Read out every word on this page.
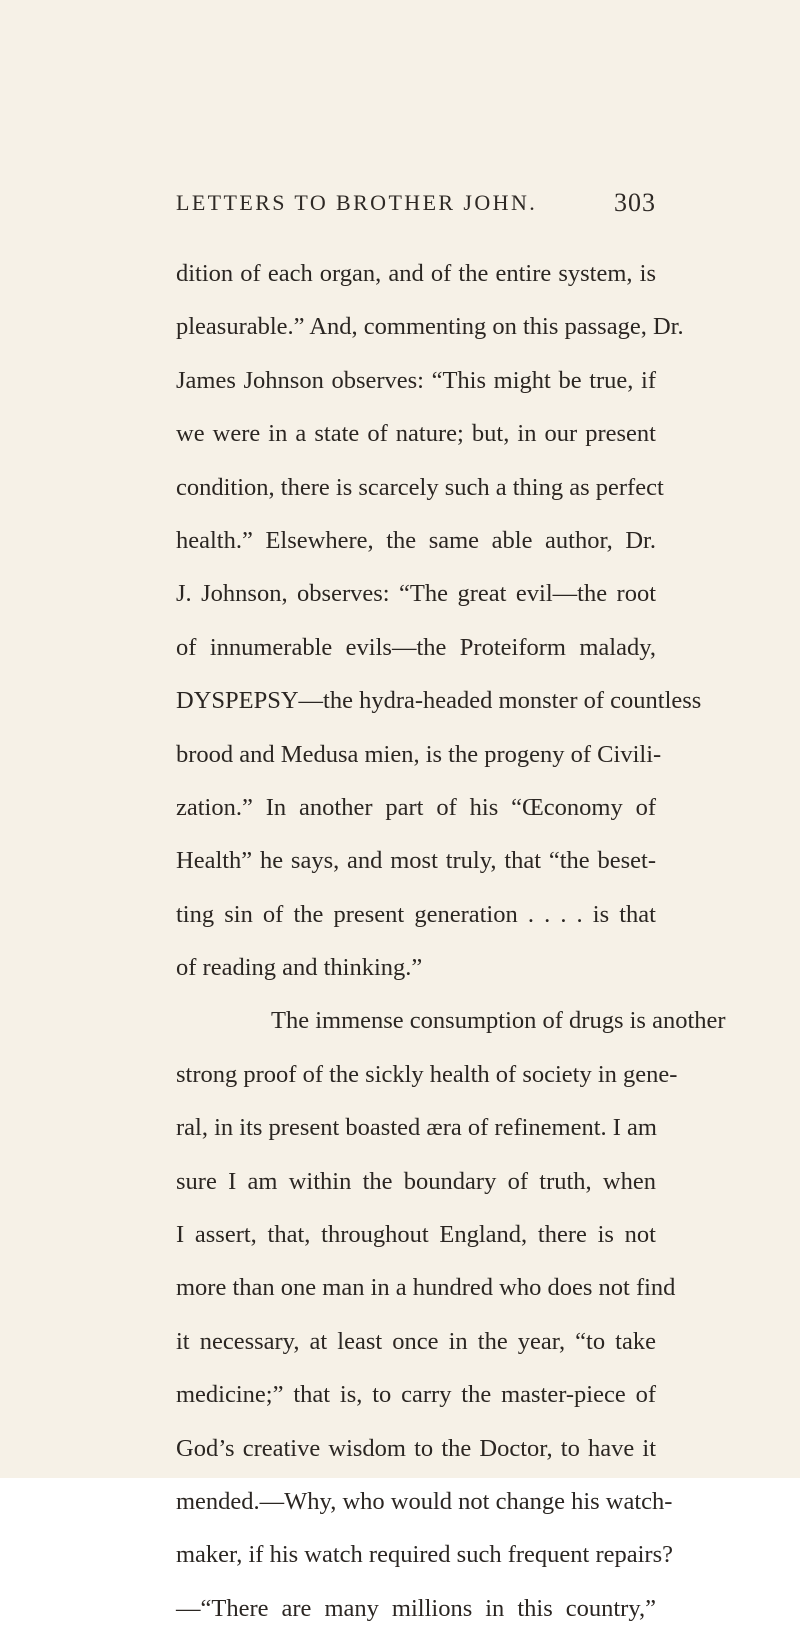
LETTERS TO BROTHER JOHN.	303
dition of each organ, and of the entire system, is
pleasurable.” And, commenting on this passage, Dr.
James Johnson observes: “This might be true, if
we were in a state of nature; but, in our present
condition, there is scarcely such a thing as perfect
health.” Elsewhere, the same able author, Dr.
J. Johnson, observes: “The great evil—the root
of innumerable evils—the Proteiform malady,
DYSPEPSY—the hydra-headed monster of countless
brood and Medusa mien, is the progeny of Civili-
zation.” In another part of his “Œconomy of
Health” he says, and most truly, that “the beset-
ting sin of the present generation . . . . is that
of reading and thinking.”
The immense consumption of drugs is another
strong proof of the sickly health of society in gene-
ral, in its present boasted æra of refinement. I am
sure I am within the boundary of truth, when
I assert, that, throughout England, there is not
more than one man in a hundred who does not find
it necessary, at least once in the year, “to take
medicine;” that is, to carry the master-piece of
God’s creative wisdom to the Doctor, to have it
mended.—Why, who would not change his watch-
maker, if his watch required such frequent repairs?
—“There are many millions in this country,”
